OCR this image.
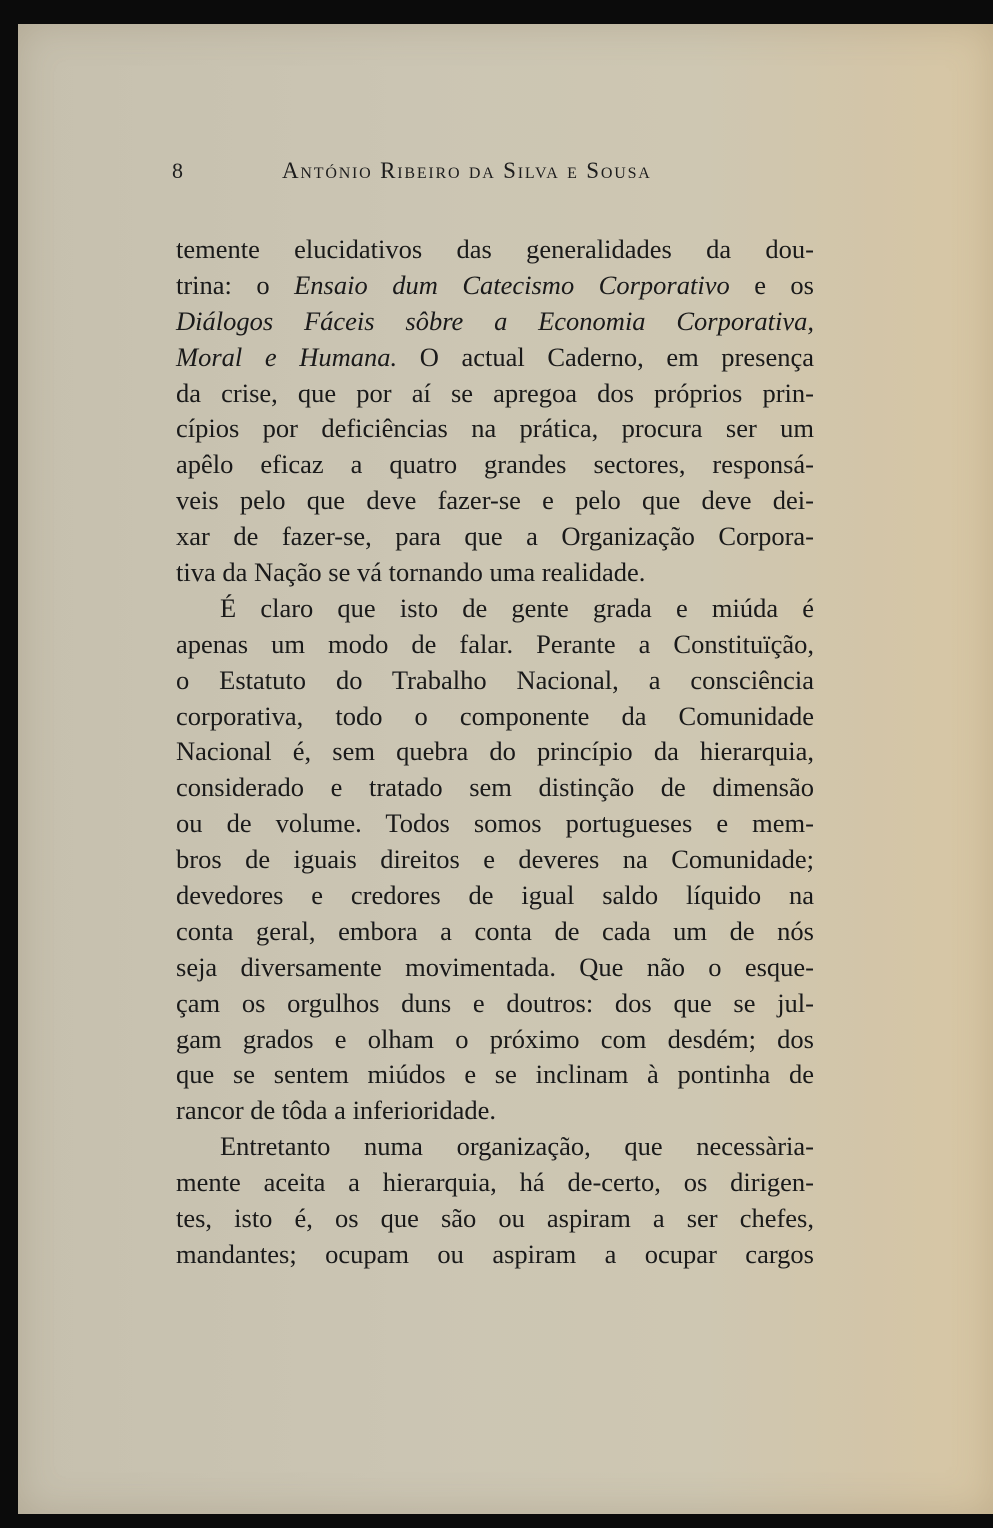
8	António Ribeiro da Silva e Sousa
temente elucidativos das generalidades da dou-
trina: o Ensaio dum Catecismo Corporativo e os
Diálogos Fáceis sôbre a Economia Corporativa,
Moral e Humana. O actual Caderno, em presença
da crise, que por aí se apregoa dos próprios prin-
cípios por deficiências na prática, procura ser um
apêlo eficaz a quatro grandes sectores, responsá-
veis pelo que deve fazer-se e pelo que deve dei-
xar de fazer-se, para que a Organização Corpora-
tiva da Nação se vá tornando uma realidade.
É claro que isto de gente grada e miúda é
apenas um modo de falar. Perante a Constituïção,
o Estatuto do Trabalho Nacional, a consciência
corporativa, todo o componente da Comunidade
Nacional é, sem quebra do princípio da hierarquia,
considerado e tratado sem distinção de dimensão
ou de volume. Todos somos portugueses e mem-
bros de iguais direitos e deveres na Comunidade;
devedores e credores de igual saldo líquido na
conta geral, embora a conta de cada um de nós
seja diversamente movimentada. Que não o esque-
çam os orgulhos duns e doutros: dos que se jul-
gam grados e olham o próximo com desdém; dos
que se sentem miúdos e se inclinam à pontinha de
rancor de tôda a inferioridade.
Entretanto numa organização, que necessària-
mente aceita a hierarquia, há de-certo, os dirigen-
tes, isto é, os que são ou aspiram a ser chefes,
mandantes; ocupam ou aspiram a ocupar cargos
